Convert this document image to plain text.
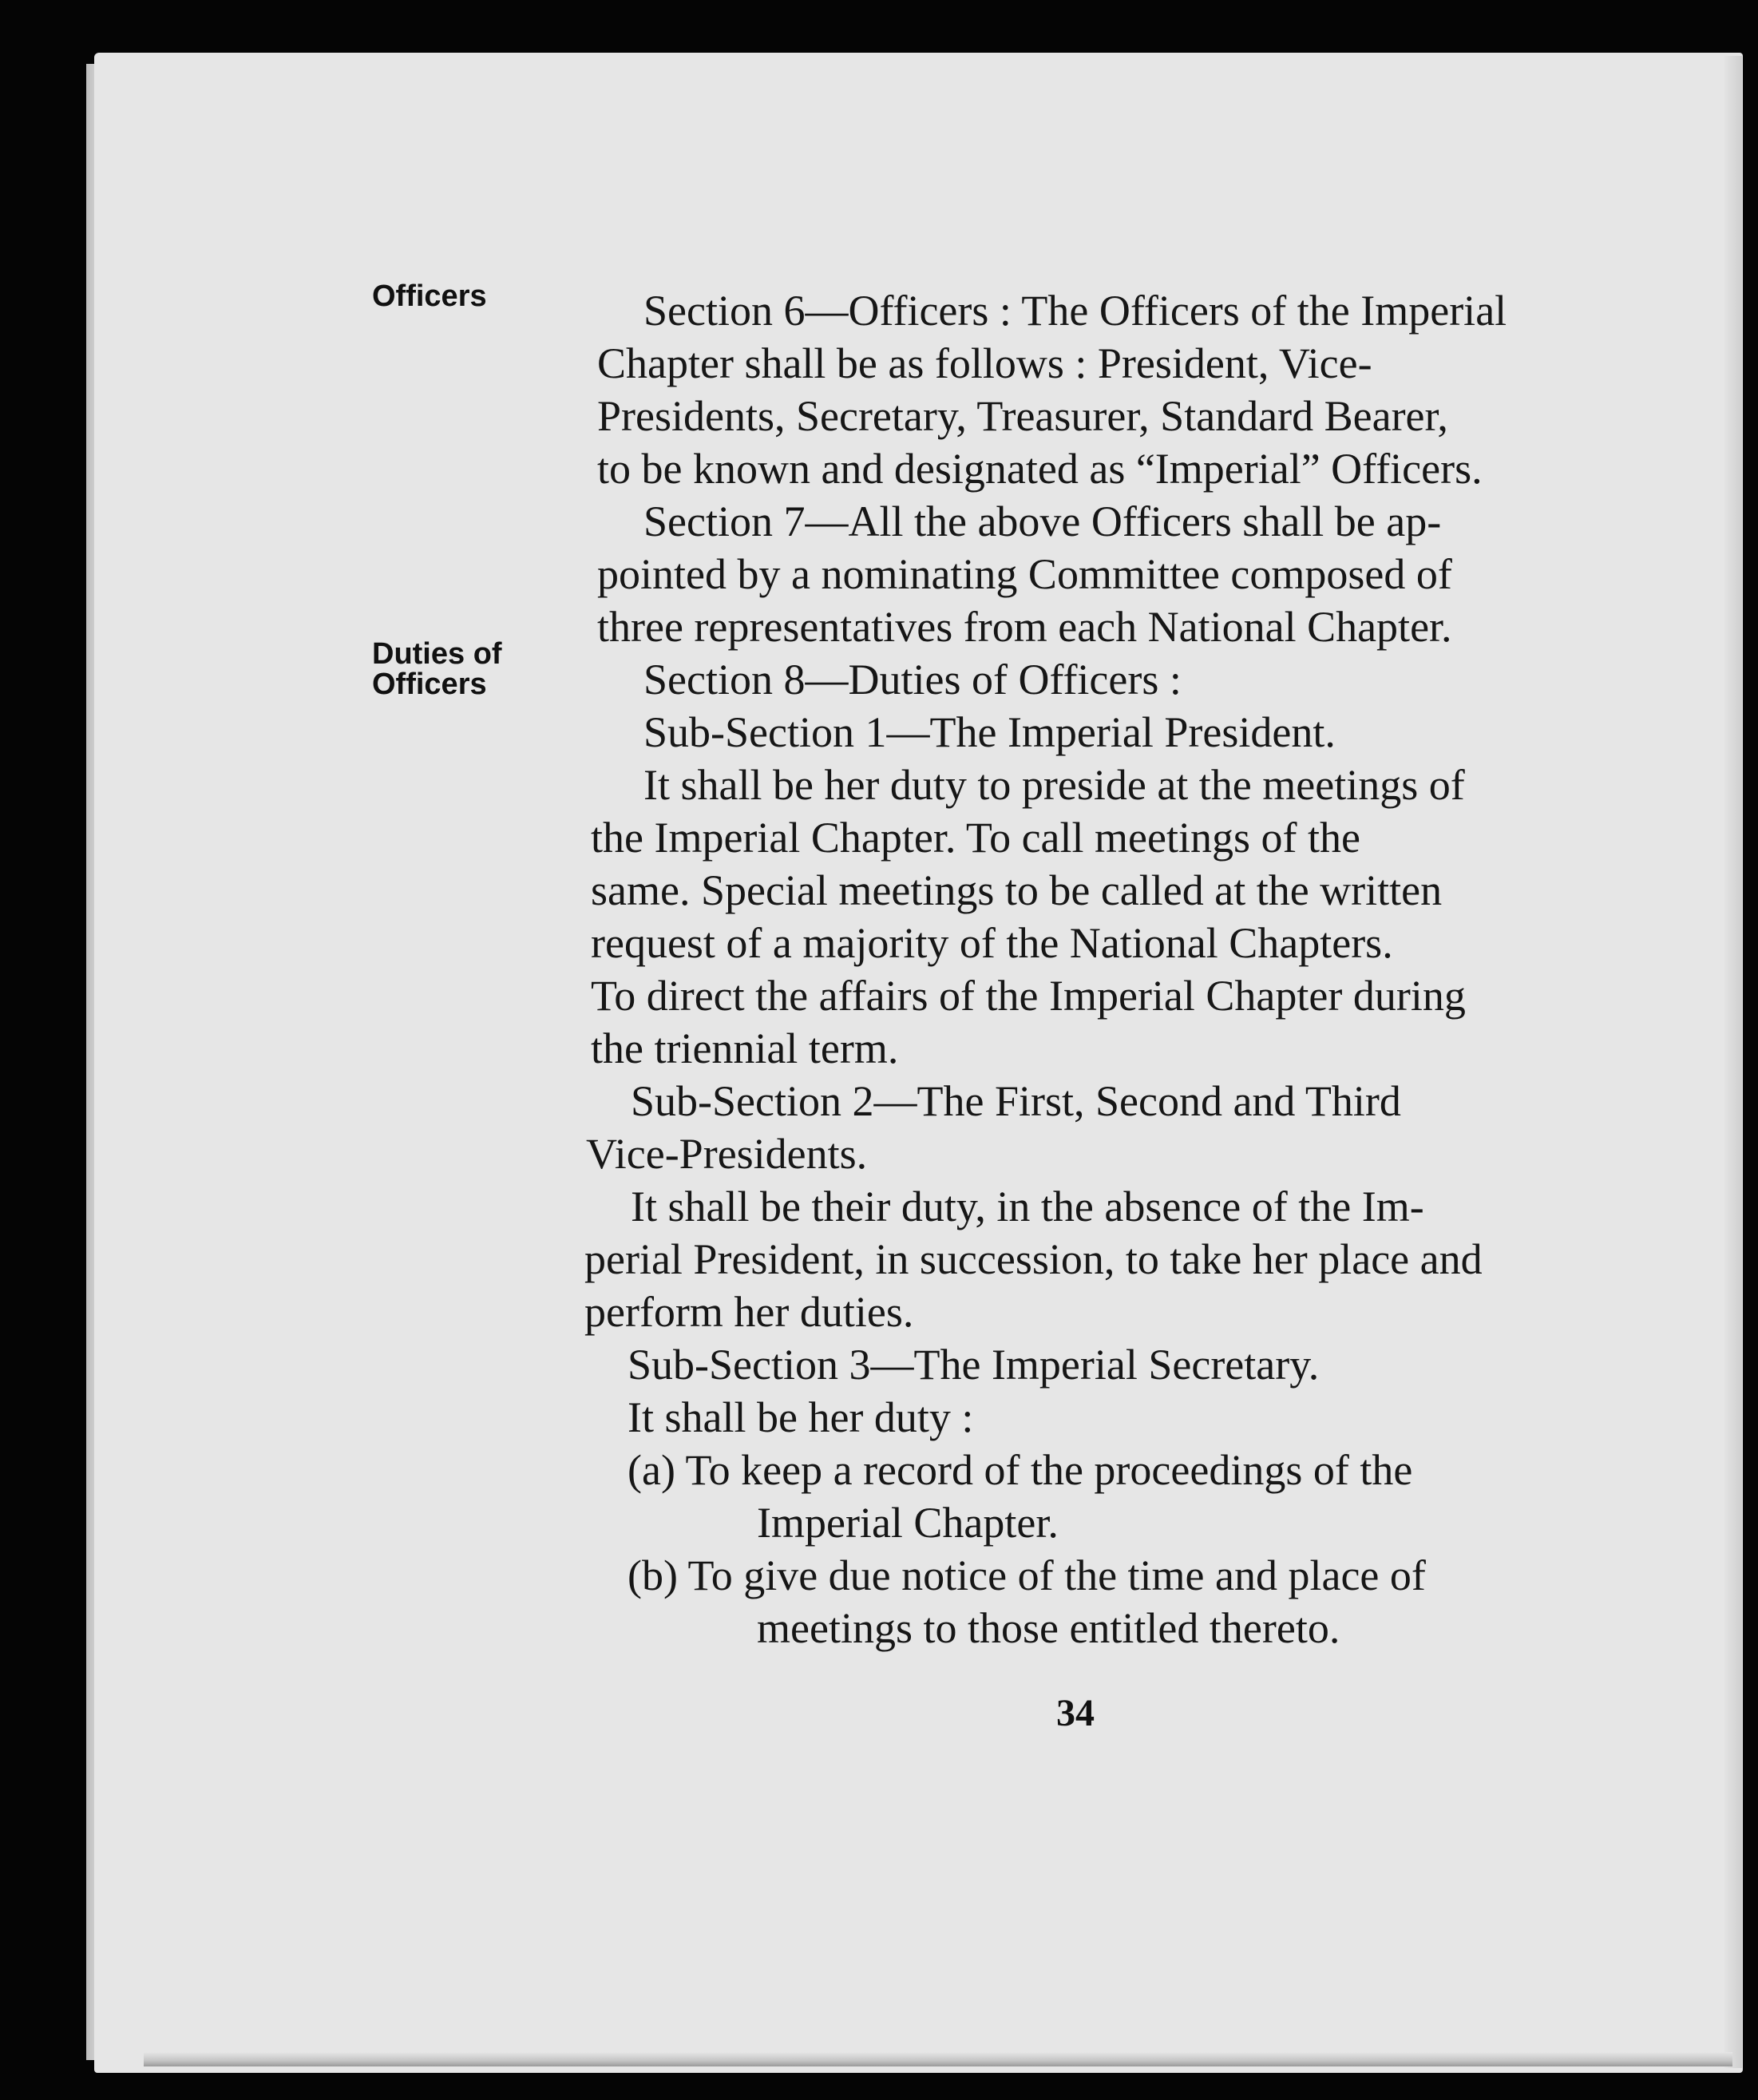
Officers
Duties of
Officers

Section 6—Officers : The Officers of the Imperial

Chapter shall be as follows : President, Vice-

Presidents, Secretary, Treasurer, Standard Bearer,

to be known and designated as “Imperial” Officers.

Section 7—All the above Officers shall be ap-

pointed by a nominating Committee composed of

three representatives from each National Chapter.

Section 8—Duties of Officers :

Sub-Section 1—The Imperial President.

It shall be her duty to preside at the meetings of

the Imperial Chapter. To call meetings of the

same. Special meetings to be called at the written

request of a majority of the National Chapters.

To direct the affairs of the Imperial Chapter during

the triennial term.

Sub-Section 2—The First, Second and Third

Vice-Presidents.

It shall be their duty, in the absence of the Im-

perial President, in succession, to take her place and

perform her duties.

Sub-Section 3—The Imperial Secretary.

It shall be her duty :

(a) To keep a record of the proceedings of the

Imperial Chapter.

(b) To give due notice of the time and place of

meetings to those entitled thereto.

34
